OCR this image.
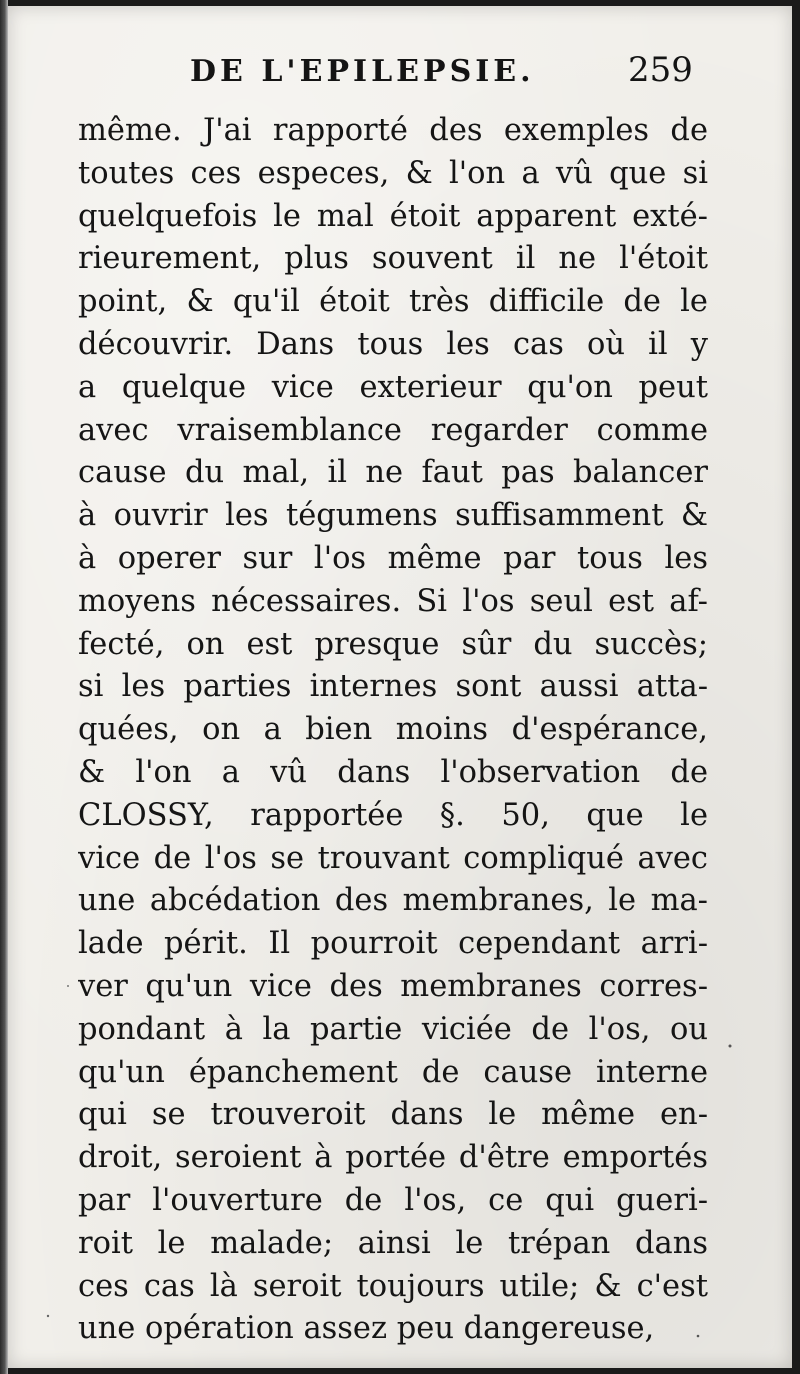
DE L'EPILEPSIE.	259
même. J'ai rapporté des exemples de
toutes ces especes, & l'on a vû que si
quelquefois le mal étoit apparent exté-
rieurement, plus souvent il ne l'étoit
point, & qu'il étoit très difficile de le
découvrir. Dans tous les cas où il y
a quelque vice exterieur qu'on peut
avec vraisemblance regarder comme
cause du mal, il ne faut pas balancer
à ouvrir les tégumens suffisamment &
à operer sur l'os même par tous les
moyens nécessaires. Si l'os seul est af-
fecté, on est presque sûr du succès;
si les parties internes sont aussi atta-
quées, on a bien moins d'espérance,
& l'on a vû dans l'observation de
CLOSSY, rapportée §. 50, que le
vice de l'os se trouvant compliqué avec
une abcédation des membranes, le ma-
lade périt. Il pourroit cependant arri-
ver qu'un vice des membranes corres-
pondant à la partie viciée de l'os, ou
qu'un épanchement de cause interne
qui se trouveroit dans le même en-
droit, seroient à portée d'être emportés
par l'ouverture de l'os, ce qui gueri-
roit le malade; ainsi le trépan dans
ces cas là seroit toujours utile; & c'est
une opération assez peu dangereuse,
